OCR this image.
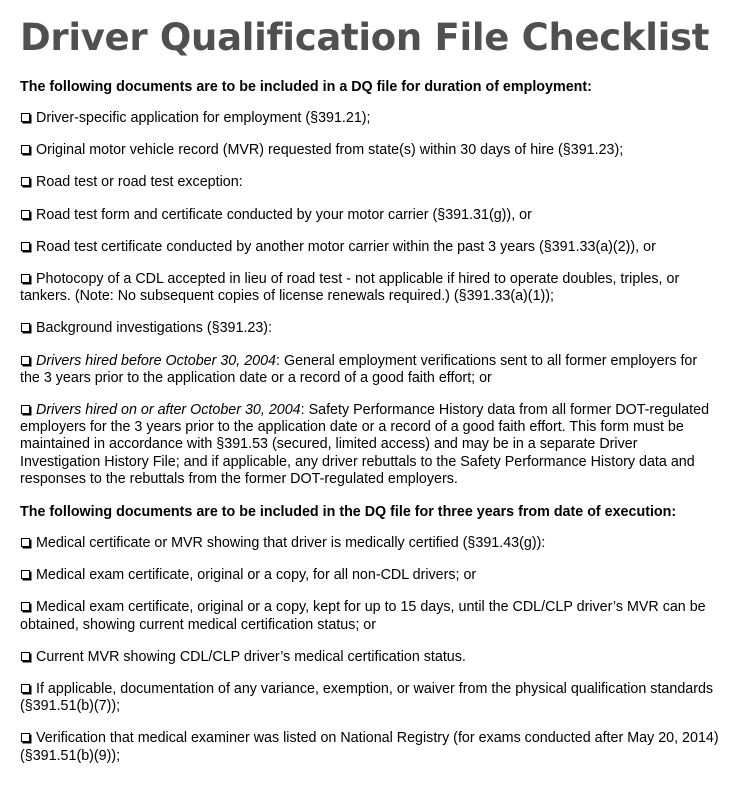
Driver Qualification File Checklist
The following documents are to be included in a DQ file for duration of employment:
Driver-specific application for employment (§391.21);
Original motor vehicle record (MVR) requested from state(s) within 30 days of hire (§391.23);
Road test or road test exception:
Road test form and certificate conducted by your motor carrier (§391.31(g)), or
Road test certificate conducted by another motor carrier within the past 3 years (§391.33(a)(2)), or
Photocopy of a CDL accepted in lieu of road test - not applicable if hired to operate doubles, triples, or tankers. (Note: No subsequent copies of license renewals required.) (§391.33(a)(1));
Background investigations (§391.23):
Drivers hired before October 30, 2004: General employment verifications sent to all former employers for the 3 years prior to the application date or a record of a good faith effort; or
Drivers hired on or after October 30, 2004: Safety Performance History data from all former DOT-regulated employers for the 3 years prior to the application date or a record of a good faith effort. This form must be maintained in accordance with §391.53 (secured, limited access) and may be in a separate Driver Investigation History File; and if applicable, any driver rebuttals to the Safety Performance History data and responses to the rebuttals from the former DOT-regulated employers.
The following documents are to be included in the DQ file for three years from date of execution:
Medical certificate or MVR showing that driver is medically certified (§391.43(g)):
Medical exam certificate, original or a copy, for all non-CDL drivers; or
Medical exam certificate, original or a copy, kept for up to 15 days, until the CDL/CLP driver’s MVR can be obtained, showing current medical certification status; or
Current MVR showing CDL/CLP driver’s medical certification status.
If applicable, documentation of any variance, exemption, or waiver from the physical qualification standards (§391.51(b)(7));
Verification that medical examiner was listed on National Registry (for exams conducted after May 20, 2014) (§391.51(b)(9));
